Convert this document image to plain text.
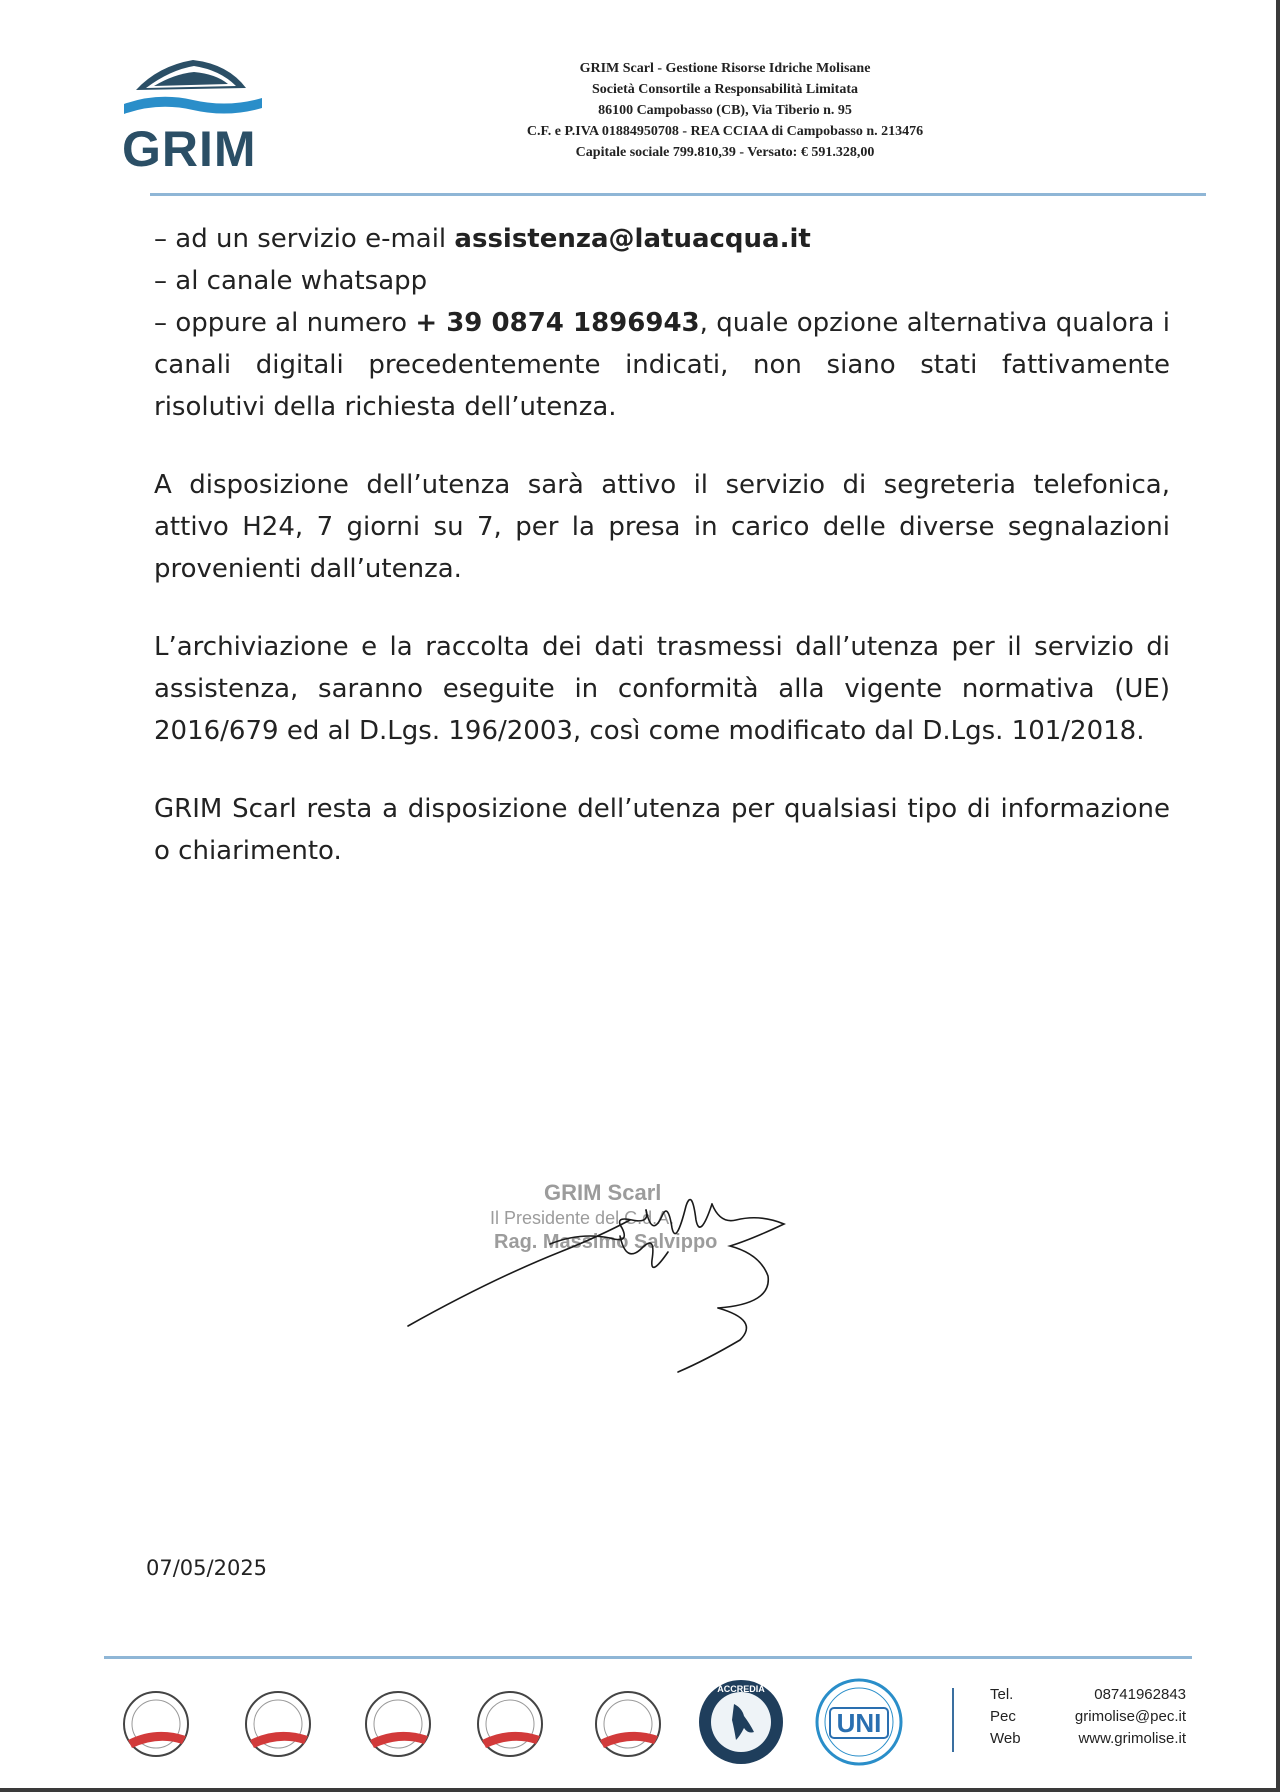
GRIM
GRIM Scarl - Gestione Risorse Idriche Molisane
Società Consortile a Responsabilità Limitata
86100 Campobasso (CB), Via Tiberio n. 95
C.F. e P.IVA 01884950708 - REA CCIAA di Campobasso n. 213476
Capitale sociale 799.810,39 - Versato: € 591.328,00

– ad un servizio e-mail assistenza@latuacqua.it

– al canale whatsapp

– oppure al numero + 39 0874 1896943, quale opzione alternativa qualora i canali digitali precedentemente indicati, non siano stati fattivamente risolutivi della richiesta dell’utenza.

A disposizione dell’utenza sarà attivo il servizio di segreteria telefonica, attivo H24, 7 giorni su 7, per la presa in carico delle diverse segnalazioni provenienti dall’utenza.

L’archiviazione e la raccolta dei dati trasmessi dall’utenza per il servizio di assistenza, saranno eseguite in conformità alla vigente normativa (UE) 2016/679 ed al D.Lgs. 196/2003, così come modificato dal D.Lgs. 101/2018.

GRIM Scarl resta a disposizione dell’utenza per qualsiasi tipo di informazione o chiarimento.

GRIM Scarl
Il Presidente del C.d.A.
Rag. Massimo Salvippo
07/05/2025
ACCREDIA
UNI
Tel.	08741962843
Pec	grimolise@pec.it
Web	www.grimolise.it
